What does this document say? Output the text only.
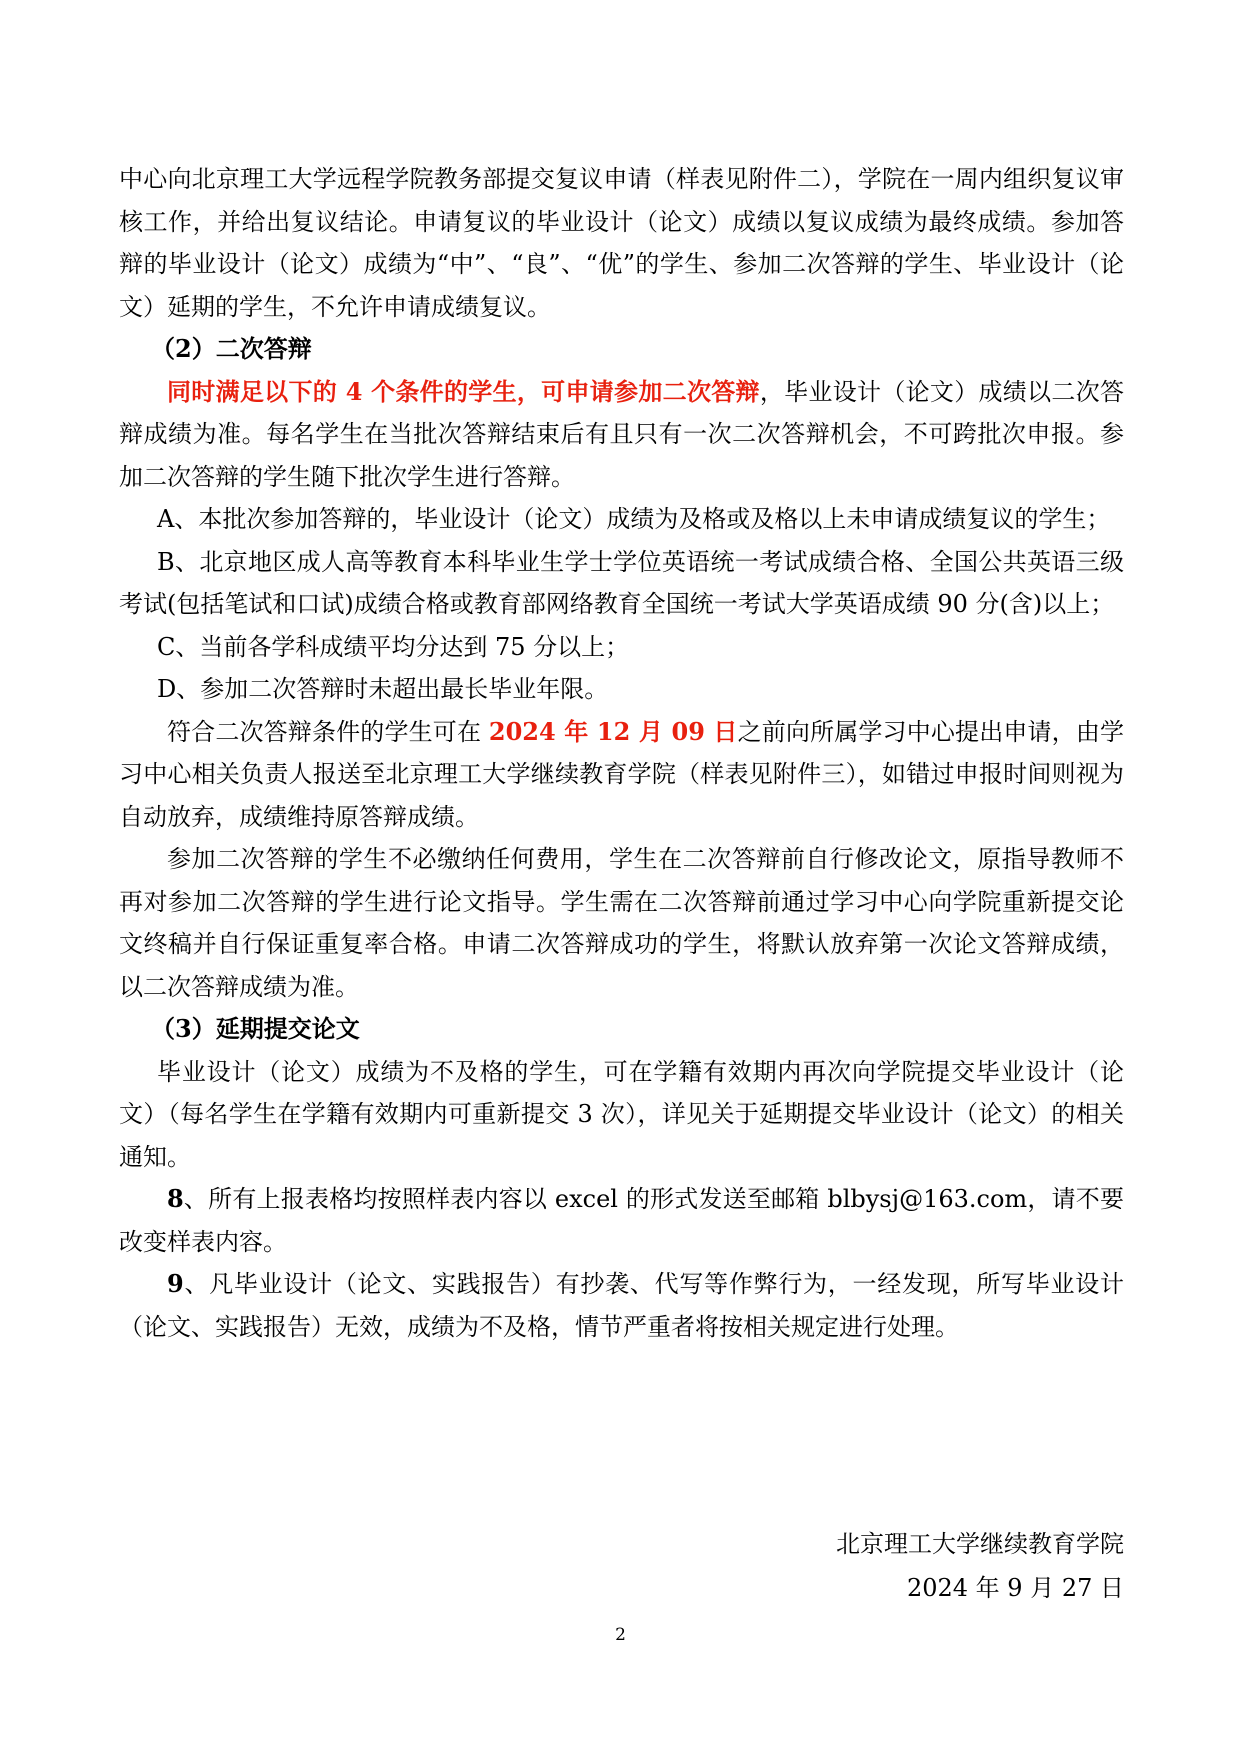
中心向北京理工大学远程学院教务部提交复议申请（样表见附件二），学院在一周内组织复议审核工作，并给出复议结论。申请复议的毕业设计（论文）成绩以复议成绩为最终成绩。参加答辩的毕业设计（论文）成绩为“中”、“良”、“优”的学生、参加二次答辩的学生、毕业设计（论文）延期的学生，不允许申请成绩复议。

（2）二次答辩

同时满足以下的 4 个条件的学生，可申请参加二次答辩，毕业设计（论文）成绩以二次答辩成绩为准。每名学生在当批次答辩结束后有且只有一次二次答辩机会，不可跨批次申报。参加二次答辩的学生随下批次学生进行答辩。

A、本批次参加答辩的，毕业设计（论文）成绩为及格或及格以上未申请成绩复议的学生；

B、北京地区成人高等教育本科毕业生学士学位英语统一考试成绩合格、全国公共英语三级考试(包括笔试和口试)成绩合格或教育部网络教育全国统一考试大学英语成绩 90 分(含)以上；

C、当前各学科成绩平均分达到 75 分以上；

D、参加二次答辩时未超出最长毕业年限。

符合二次答辩条件的学生可在 2024 年 12 月 09 日之前向所属学习中心提出申请，由学习中心相关负责人报送至北京理工大学继续教育学院（样表见附件三），如错过申报时间则视为自动放弃，成绩维持原答辩成绩。

参加二次答辩的学生不必缴纳任何费用，学生在二次答辩前自行修改论文，原指导教师不再对参加二次答辩的学生进行论文指导。学生需在二次答辩前通过学习中心向学院重新提交论文终稿并自行保证重复率合格。申请二次答辩成功的学生，将默认放弃第一次论文答辩成绩，以二次答辩成绩为准。

（3）延期提交论文

毕业设计（论文）成绩为不及格的学生，可在学籍有效期内再次向学院提交毕业设计（论文）（每名学生在学籍有效期内可重新提交 3 次），详见关于延期提交毕业设计（论文）的相关通知。

8、所有上报表格均按照样表内容以 excel 的形式发送至邮箱 blbysj@163.com，请不要改变样表内容。

9、凡毕业设计（论文、实践报告）有抄袭、代写等作弊行为，一经发现，所写毕业设计（论文、实践报告）无效，成绩为不及格，情节严重者将按相关规定进行处理。

北京理工大学继续教育学院
2024 年 9 月 27 日
2
